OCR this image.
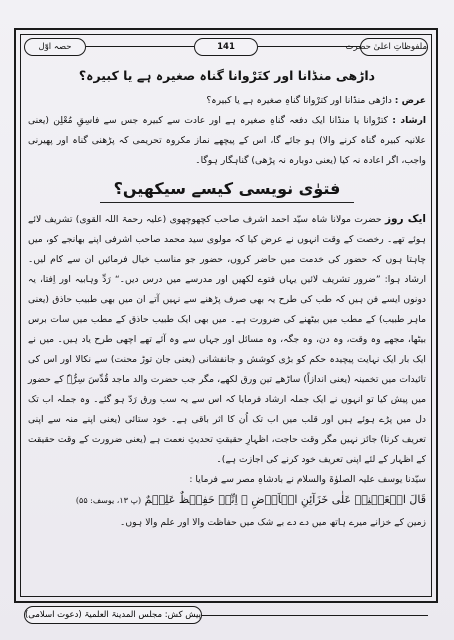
حصہ اوّل	141	ملفوظاتِ اعلیٰ حضرت
داڑھی منڈانا اور کتَرْوانا گناہ صغیرہ ہے یا کبیرہ؟

عرض : داڑھی منڈانا اور کترْوانا گناہِ صغیرہ ہے یا کبیرہ؟

ارشاد : کترْوانا یا منڈانا ایک دفعہ گناہِ صغیرہ ہے اور عادت سے کبیرہ جس سے فاسِقِ مُعْلِن (یعنی علانیہ کبیرہ گناہ کرنے والا) ہو جائے گا، اس کے پیچھے نماز مکروہ تحریمی کہ پڑھنی گناہ اور پھیرنی واجب، اگر اعادہ نہ کیا (یعنی دوبارہ نہ پڑھی) گناہگار ہوگا۔

فتوٰی نویسی کیسے سیکھیں؟

ایک روز حضرت مولانا شاہ سیّد احمد اشرف صاحب کچھوچھوی (علیہ رحمۃ اللہ القوی) تشریف لائے ہوئے تھے۔ رخصت کے وقت انہوں نے عرض کیا کہ مولوی سید محمد صاحب اشرفی اپنے بھانجے کو، میں چاہتا ہوں کہ حضور کی خدمت میں حاضر کروں، حضور جو مناسب خیال فرمائیں ان سے کام لیں۔ ارشاد ہوا: ”ضرور تشریف لائیں یہاں فتوے لکھیں اور مدرسے میں درس دیں۔“ رَدِّ وہابیہ اور اِفتا، یہ دونوں ایسے فن ہیں کہ طب کی طرح یہ بھی صرف پڑھنے سے نہیں آتے ان میں بھی طبیب حاذق (یعنی ماہر طبیب) کے مطب میں بیٹھنے کی ضرورت ہے۔ میں بھی ایک طبیب حاذق کے مطب میں سات برس بیٹھا، مجھے وہ وقت، وہ دن، وہ جگہ، وہ مسائل اور جہاں سے وہ آئے تھے اچھی طرح یاد ہیں۔ میں نے ایک بار ایک نہایت پیچیدہ حکم کو بڑی کوشش و جانفشانی (یعنی جان توڑ محنت) سے نکالا اور اس کی تائیدات میں تخمینہ (یعنی اندازاً) ساڑھے تین ورق لکھے، مگر جب حضرت والد ماجد قُدِّسَ سِرُّہٗ کے حضور میں پیش کیا تو انہوں نے ایک جملہ ارشاد فرمایا کہ اس سے یہ سب ورق رَدّ ہو گئے۔ وہ جملہ اب تک دل میں پڑے ہوئے ہیں اور قلب میں اب تک اُن کا اثر باقی ہے۔ خود ستائی (یعنی اپنے منہ سے اپنی تعریف کرنا) جائز نہیں مگر وقت حاجت، اظہارِ حقیقتِ تحدیثِ نعمت ہے (یعنی ضرورت کے وقت حقیقت کے اظہار کے لئے اپنی تعریف خود کرنے کی اجازت ہے)۔

سیّدنا یوسف علیہ الصلوٰۃ والسلام نے بادشاہِ مصر سے فرمایا :

قَالَ اجۡعَلۡنِیۡ عَلٰی خَزَآئِنِ الۡاَرۡضِ ۚ اِنِّیۡ حَفِیۡظٌ عَلِیۡمٌ (پ ۱۳، یوسف: ۵۵)

زمین کے خزانے میرے ہاتھ میں دے دے بے شک میں حفاظت والا اور علم والا ہوں۔

پیش کش: مجلس المدینۃ العلمیۃ (دعوت اسلامی)
